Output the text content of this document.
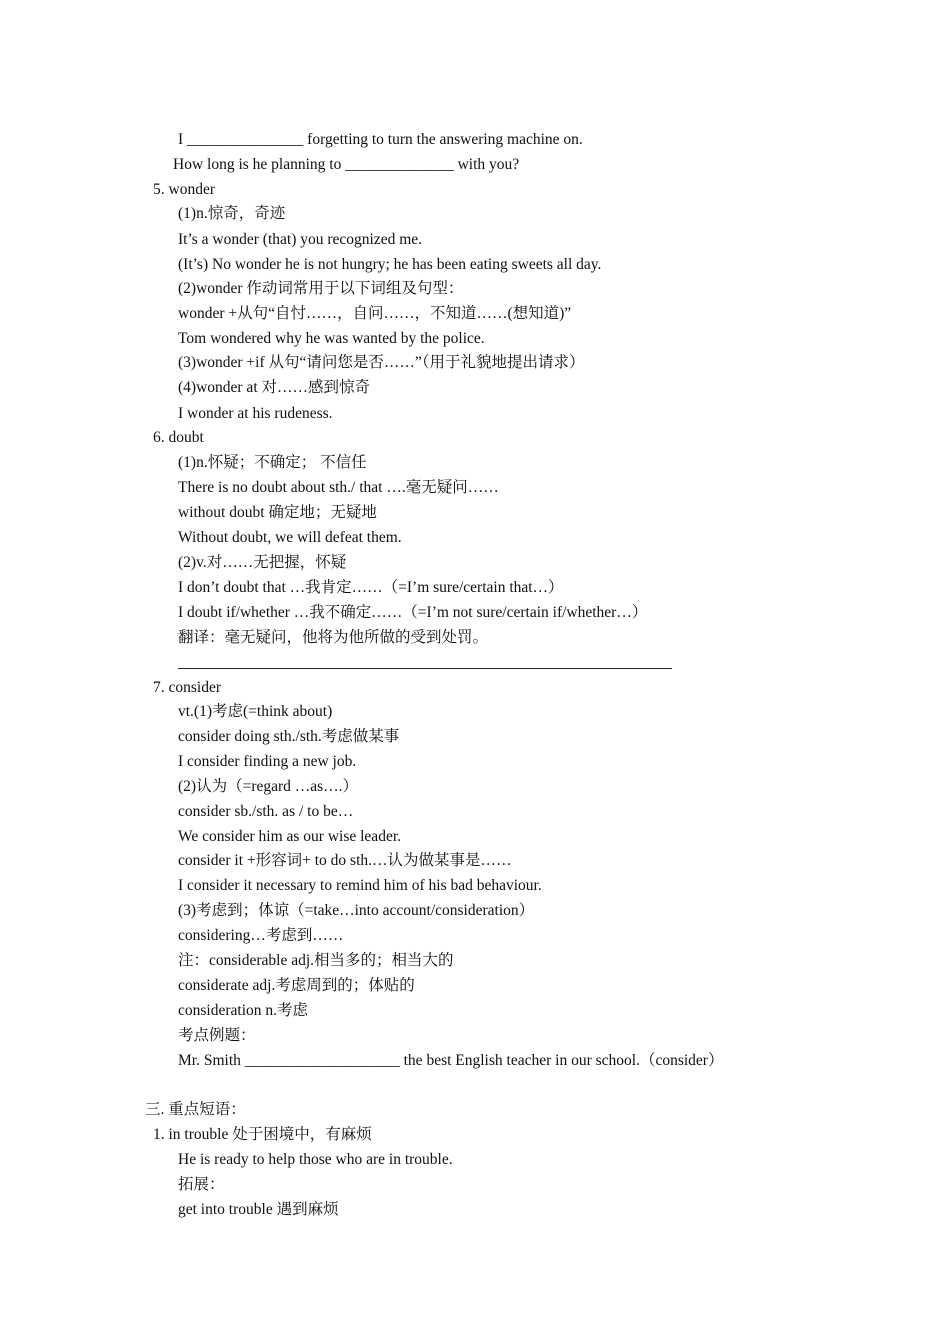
I _______________ forgetting to turn the answering machine on.
How long is he planning to ______________ with you?
5. wonder
(1)n.惊奇，奇迹
It’s a wonder (that) you recognized me.
(It’s) No wonder he is not hungry; he has been eating sweets all day.
(2)wonder 作动词常用于以下词组及句型：
wonder +从句“自忖……，自问……，不知道……(想知道)”
Tom wondered why he was wanted by the police.
(3)wonder +if 从句“请问您是否……”（用于礼貌地提出请求）
(4)wonder at 对……感到惊奇
I wonder at his rudeness.
6. doubt
(1)n.怀疑；不确定； 不信任
There is no doubt about sth./ that ….毫无疑问……
without doubt 确定地；无疑地
Without doubt, we will defeat them.
(2)v.对……无把握，怀疑
I don’t doubt that …我肯定……（=I’m sure/certain that…）
I doubt if/whether …我不确定……（=I’m not sure/certain if/whether…）
翻译：毫无疑问，他将为他所做的受到处罚。
7. consider
vt.(1)考虑(=think about)
consider doing sth./sth.考虑做某事
I consider finding a new job.
(2)认为（=regard …as….）
consider sb./sth. as / to be…
We consider him as our wise leader.
consider it +形容词+ to do sth.…认为做某事是……
I consider it necessary to remind him of his bad behaviour.
(3)考虑到；体谅（=take…into account/consideration）
considering…考虑到……
注：considerable adj.相当多的；相当大的
considerate adj.考虑周到的；体贴的
consideration n.考虑
考点例题：
Mr. Smith ____________________ the best English teacher in our school.（consider）
三. 重点短语：
1. in trouble 处于困境中，有麻烦
He is ready to help those who are in trouble.
拓展：
get into trouble 遇到麻烦
